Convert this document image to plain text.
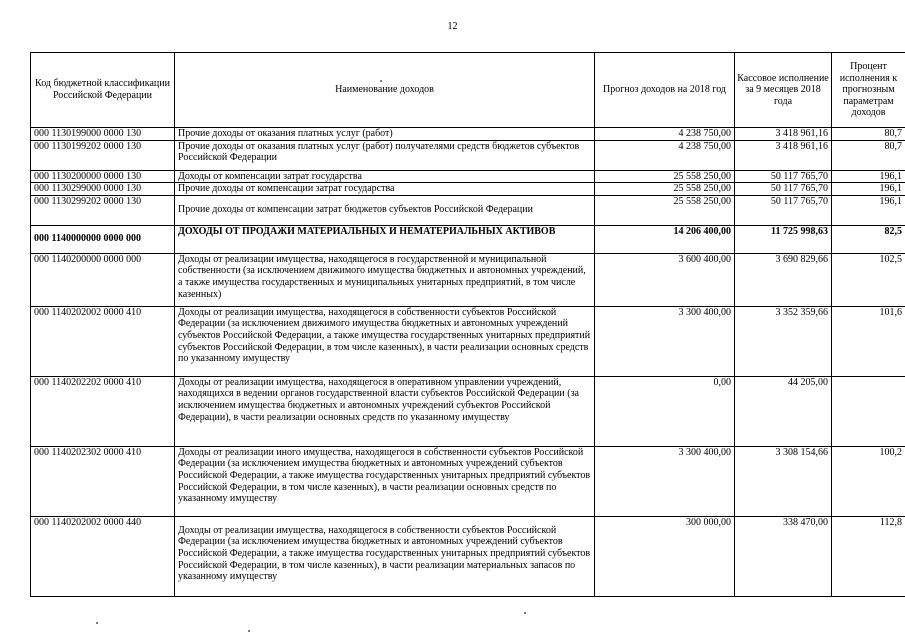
12
Код бюджетной классификации Российской Федерации	Наименование доходов	Прогноз доходов на 2018 год	Кассовое исполнение за 9 месяцев 2018 года	Процент исполнения к прогнозным параметрам доходов
000 1130199000 0000 130	Прочие доходы от оказания платных услуг (работ)	4 238 750,00	3 418 961,16	80,7
000 1130199202 0000 130	Прочие доходы от оказания платных услуг (работ) получателями средств бюджетов субъектов Российской Федерации	4 238 750,00	3 418 961,16	80,7
000 1130200000 0000 130	Доходы от компенсации затрат государства	25 558 250,00	50 117 765,70	196,1
000 1130299000 0000 130	Прочие доходы от компенсации затрат государства	25 558 250,00	50 117 765,70	196,1
000 1130299202 0000 130	Прочие доходы от компенсации затрат бюджетов субъектов Российской Федерации	25 558 250,00	50 117 765,70	196,1
000 1140000000 0000 000	ДОХОДЫ ОТ ПРОДАЖИ МАТЕРИАЛЬНЫХ И НЕМАТЕРИАЛЬНЫХ АКТИВОВ	14 206 400,00	11 725 998,63	82,5
000 1140200000 0000 000	Доходы от реализации имущества, находящегося в государственной и муниципальной собственности (за исключением движимого имущества бюджетных и автономных учреждений, а также имущества государственных и муниципальных унитарных предприятий, в том числе казенных)	3 600 400,00	3 690 829,66	102,5
000 1140202002 0000 410	Доходы от реализации имущества, находящегося в собственности субъектов Российской Федерации (за исключением движимого имущества бюджетных и автономных учреждений субъектов Российской Федерации, а также имущества государственных унитарных предприятий субъектов Российской Федерации, в том числе казенных), в части реализации основных средств по указанному имуществу	3 300 400,00	3 352 359,66	101,6
000 1140202202 0000 410	Доходы от реализации имущества, находящегося в оперативном управлении учреждений, находящихся в ведении органов государственной власти субъектов Российской Федерации (за исключением имущества бюджетных и автономных учреждений субъектов Российской Федерации), в части реализации основных средств по указанному имуществу	0,00	44 205,00	
000 1140202302 0000 410	Доходы от реализации иного имущества, находящегося в собственности субъектов Российской Федерации (за исключением имущества бюджетных и автономных учреждений субъектов Российской Федерации, а также имущества государственных унитарных предприятий субъектов Российской Федерации, в том числе казенных), в части реализации основных средств по указанному имуществу	3 300 400,00	3 308 154,66	100,2
000 1140202002 0000 440	Доходы от реализации имущества, находящегося в собственности субъектов Российской Федерации (за исключением имущества бюджетных и автономных учреждений субъектов Российской Федерации, а также имущества государственных унитарных предприятий субъектов Российской Федерации, в том числе казенных), в части реализации материальных запасов по указанному имуществу	300 000,00	338 470,00	112,8
